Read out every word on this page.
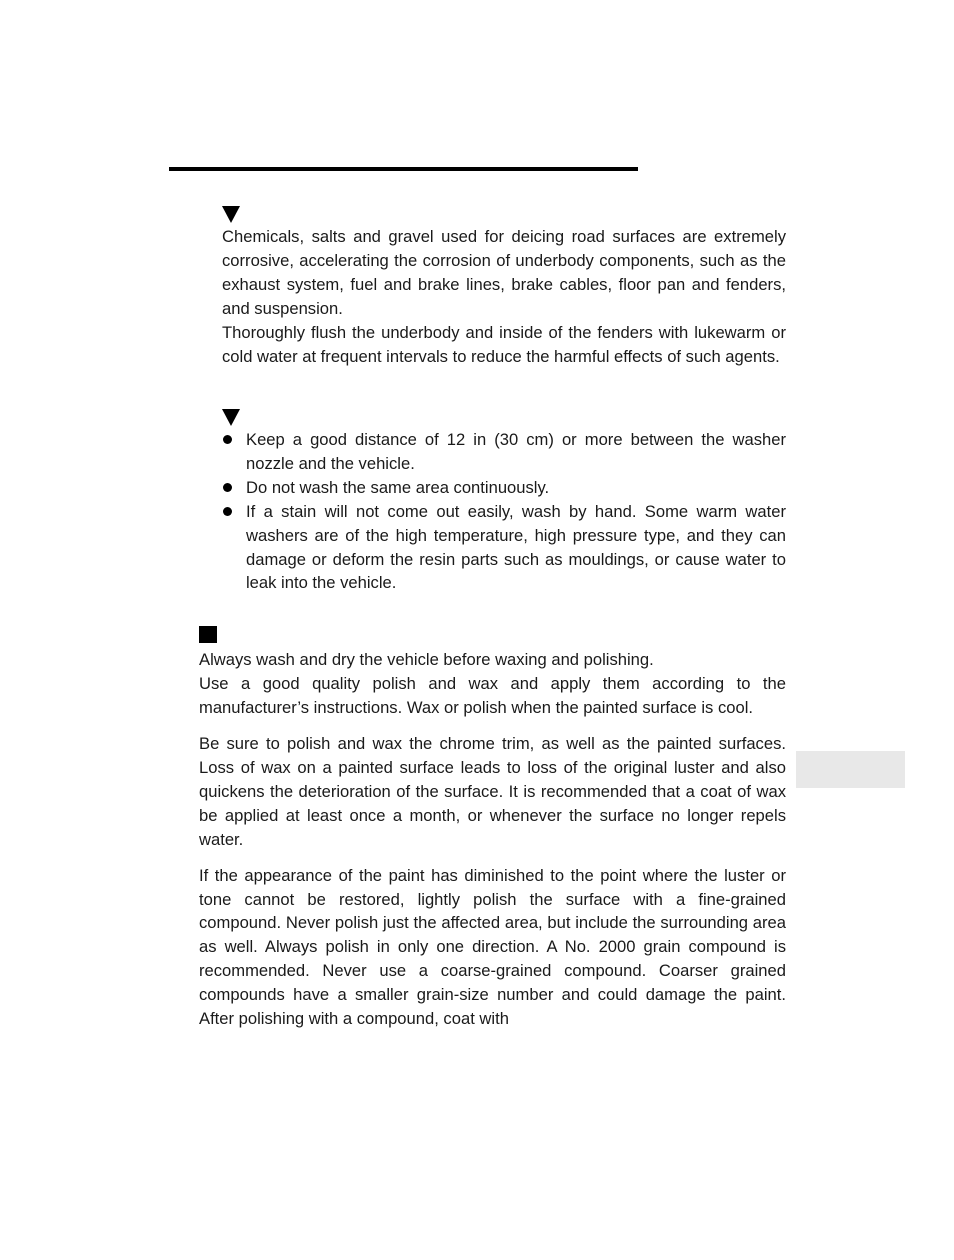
Chemicals, salts and gravel used for deicing road surfaces are extremely corrosive, accelerating the corrosion of underbody components, such as the exhaust system, fuel and brake lines, brake cables, floor pan and fenders, and suspension.

Thoroughly flush the underbody and inside of the fenders with lukewarm or cold water at frequent intervals to reduce the harmful effects of such agents.

Keep a good distance of 12 in (30 cm) or more between the washer nozzle and the vehicle.

Do not wash the same area continuously.

If a stain will not come out easily, wash by hand. Some warm water washers are of the high temperature, high pressure type, and they can damage or deform the resin parts such as mouldings, or cause water to leak into the vehicle.

Always wash and dry the vehicle before waxing and polishing.

Use a good quality polish and wax and apply them according to the manufacturer’s instructions. Wax or polish when the painted surface is cool.

Be sure to polish and wax the chrome trim, as well as the painted surfaces. Loss of wax on a painted surface leads to loss of the original luster and also quickens the deterioration of the surface. It is recommended that a coat of wax be applied at least once a month, or whenever the surface no longer repels water.

If the appearance of the paint has diminished to the point where the luster or tone cannot be restored, lightly polish the surface with a fine-grained compound. Never polish just the affected area, but include the surrounding area as well. Always polish in only one direction. A No. 2000 grain compound is recommended. Never use a coarse-grained compound. Coarser grained compounds have a smaller grain-size number and could damage the paint. After polishing with a compound, coat with
